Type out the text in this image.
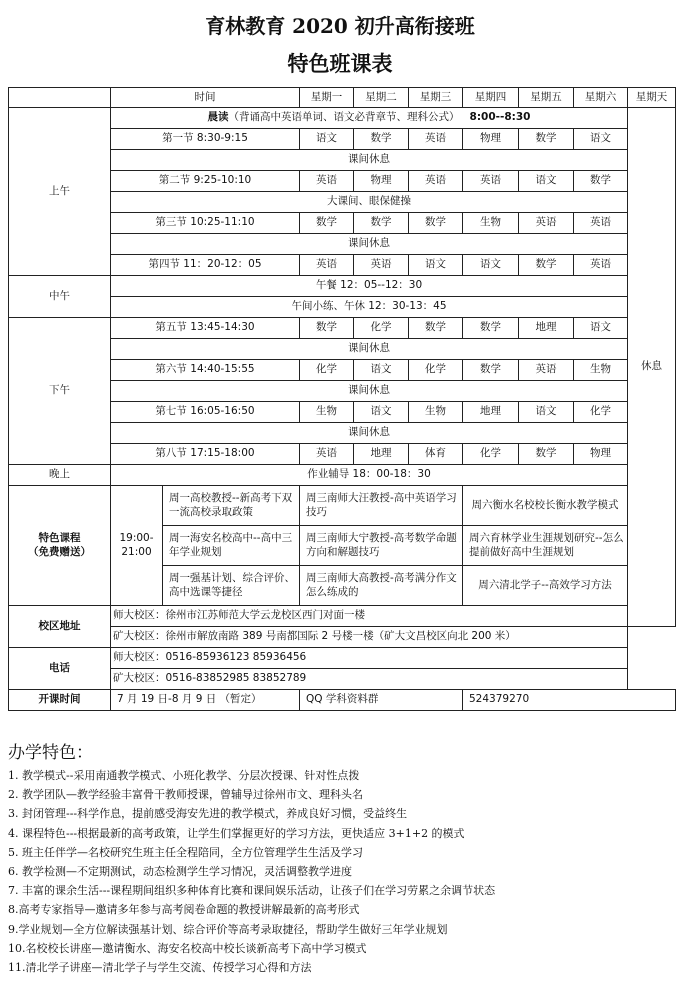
育林教育 2020 初升高衔接班
特色班课表
	时间		星期一	星期二	星期三	星期四	星期五	星期六	星期天
上午	晨读（背诵高中英语单词、语文必背章节、理科公式） 8:00--8:30								休息
	第一节 8:30-9:15		语文	数学	英语	物理	数学	语文	
	课间休息								
	第二节 9:25-10:10		英语	物理	英语	英语	语文	数学	
	大课间、眼保健操								
	第三节 10:25-11:10		数学	数学	数学	生物	英语	英语	
	课间休息								
	第四节 11：20-12：05		英语	英语	语文	语文	数学	英语	
中午	午餐 12：05--12：30								
	午间小练、午休 12：30-13：45								
下午	第五节 13:45-14:30		数学	化学	数学	数学	地理	语文	
	课间休息								
	第六节 14:40-15:55		化学	语文	化学	数学	英语	生物	
	课间休息								
	第七节 16:05-16:50		生物	语文	生物	地理	语文	化学	
	课间休息								
	第八节 17:15-18:00		英语	地理	体育	化学	数学	物理	
晚上	作业辅导 18：00-18：30								

特色课程
（免费赠送）	19:00-21:00	周一高校教授--新高考下双一流高校录取政策	周三南师大汪教授-高中英语学习技巧			周六衡水名校校长衡水教学模式			
		周一海安名校高中--高中三年学业规划	周三南师大宁教授-高考数学命题方向和解题技巧			周六育林学业生涯规划研究--怎么提前做好高中生涯规划			
		周一强基计划、综合评价、高中选课等捷径	周三南师大高教授-高考满分作文怎么练成的			周六清北学子--高效学习方法			
校区地址	师大校区：徐州市江苏师范大学云龙校区西门对面一楼								
	矿大校区：徐州市解放南路 389 号南都国际 2 号楼一楼（矿大文昌校区向北 200 米）								
电话	师大校区：0516-85936123 85936456								
	矿大校区：0516-83852985 83852789								
开课时间	7 月 19 日-8 月 9 日 （暂定）		QQ 学科资料群			524379270			
办学特色：
1. 教学模式--采用南通教学模式、小班化教学、分层次授课、针对性点拨
2. 教学团队—教学经验丰富骨干教师授课，曾辅导过徐州市文、理科头名
3. 封闭管理---科学作息，提前感受海安先进的教学模式，养成良好习惯，受益终生
4. 课程特色---根据最新的高考政策，让学生们掌握更好的学习方法，更快适应 3+1+2 的模式
5. 班主任伴学—名校研究生班主任全程陪同，全方位管理学生生活及学习
6. 教学检测—不定期测试，动态检测学生学习情况，灵活调整教学进度
7. 丰富的课余生活---课程期间组织多种体育比赛和课间娱乐活动，让孩子们在学习劳累之余调节状态
8.高考专家指导—邀请多年参与高考阅卷命题的教授讲解最新的高考形式
9.学业规划—全方位解读强基计划、综合评价等高考录取捷径，帮助学生做好三年学业规划
10.名校校长讲座—邀请衡水、海安名校高中校长谈新高考下高中学习模式
11.清北学子讲座—清北学子与学生交流、传授学习心得和方法
